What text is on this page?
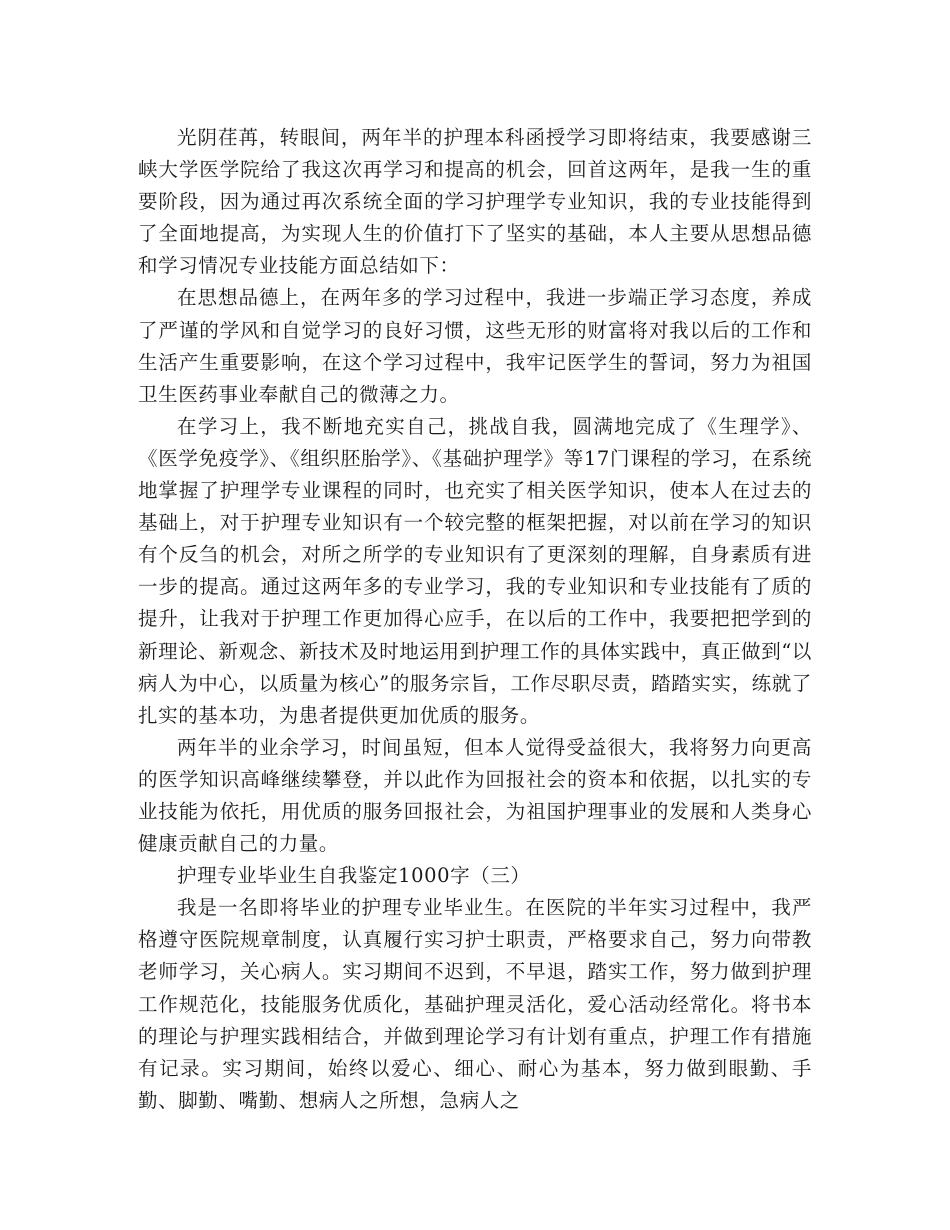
光阴荏苒，转眼间，两年半的护理本科函授学习即将结束，我要感谢三峡大学医学院给了我这次再学习和提高的机会，回首这两年，是我一生的重要阶段，因为通过再次系统全面的学习护理学专业知识，我的专业技能得到了全面地提高，为实现人生的价值打下了坚实的基础，本人主要从思想品德和学习情况专业技能方面总结如下：

在思想品德上，在两年多的学习过程中，我进一步端正学习态度，养成了严谨的学风和自觉学习的良好习惯，这些无形的财富将对我以后的工作和生活产生重要影响，在这个学习过程中，我牢记医学生的誓词，努力为祖国卫生医药事业奉献自己的微薄之力。

在学习上，我不断地充实自己，挑战自我，圆满地完成了《生理学》、《医学免疫学》、《组织胚胎学》、《基础护理学》等17门课程的学习，在系统地掌握了护理学专业课程的同时，也充实了相关医学知识，使本人在过去的基础上，对于护理专业知识有一个较完整的框架把握，对以前在学习的知识有个反刍的机会，对所之所学的专业知识有了更深刻的理解，自身素质有进一步的提高。通过这两年多的专业学习，我的专业知识和专业技能有了质的提升，让我对于护理工作更加得心应手，在以后的工作中，我要把把学到的新理论、新观念、新技术及时地运用到护理工作的具体实践中，真正做到“以病人为中心，以质量为核心”的服务宗旨，工作尽职尽责，踏踏实实，练就了扎实的基本功，为患者提供更加优质的服务。

两年半的业余学习，时间虽短，但本人觉得受益很大，我将努力向更高的医学知识高峰继续攀登，并以此作为回报社会的资本和依据，以扎实的专业技能为依托，用优质的服务回报社会，为祖国护理事业的发展和人类身心健康贡献自己的力量。

护理专业毕业生自我鉴定1000字（三）

我是一名即将毕业的护理专业毕业生。在医院的半年实习过程中，我严格遵守医院规章制度，认真履行实习护士职责，严格要求自己，努力向带教老师学习，关心病人。实习期间不迟到，不早退，踏实工作，努力做到护理工作规范化，技能服务优质化，基础护理灵活化，爱心活动经常化。将书本的理论与护理实践相结合，并做到理论学习有计划有重点，护理工作有措施有记录。实习期间，始终以爱心、细心、耐心为基本，努力做到眼勤、手勤、脚勤、嘴勤、想病人之所想，急病人之
